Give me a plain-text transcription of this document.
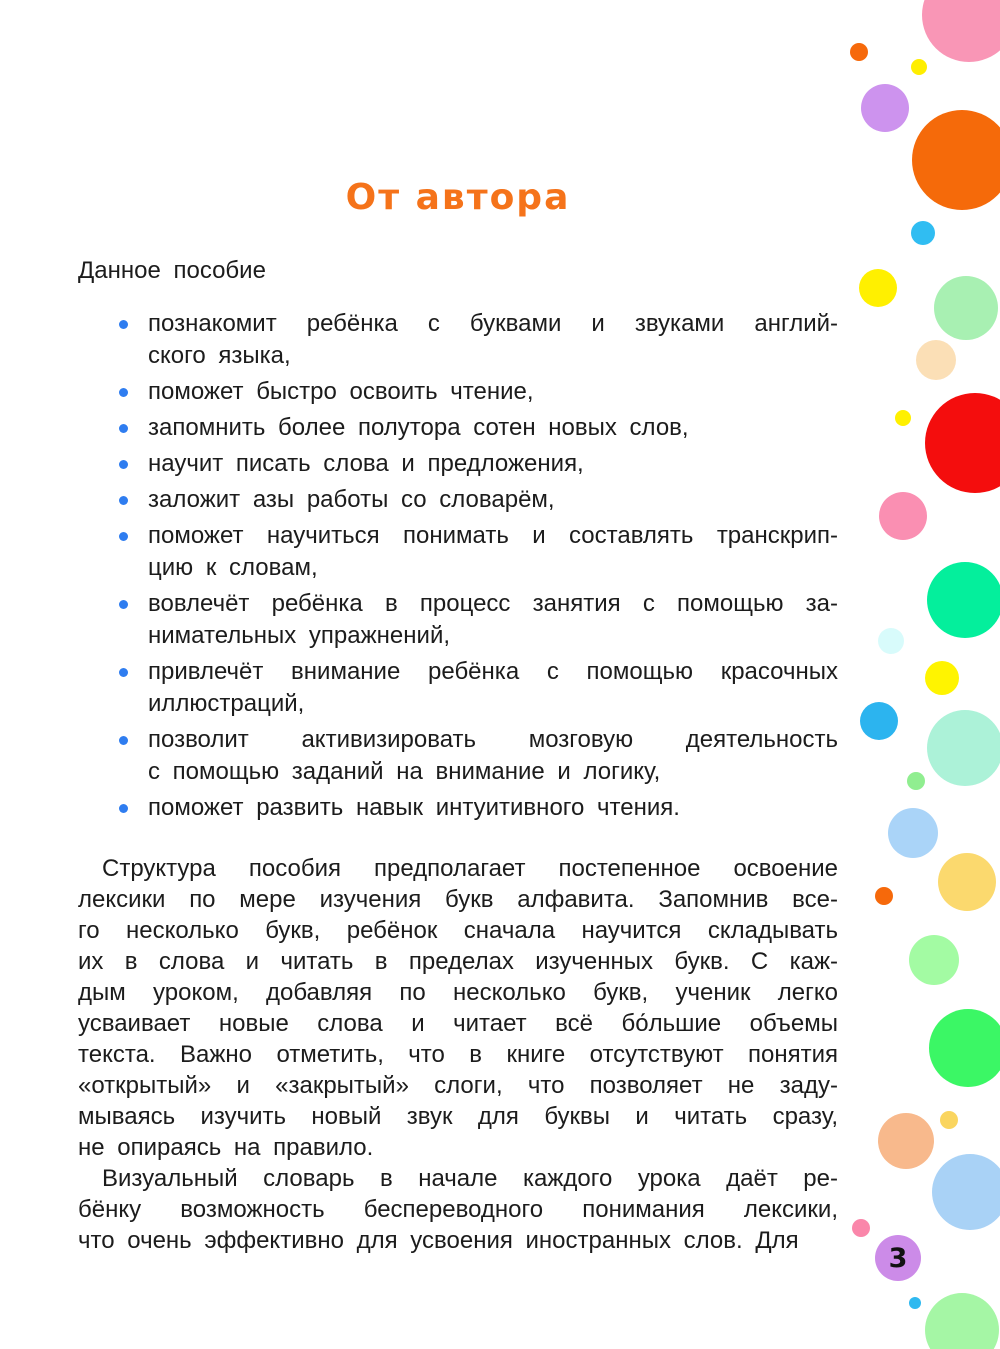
От автора
Данное пособие
познакомит ребёнка с буквами и звуками англий-
ского языка,
поможет быстро освоить чтение,
запомнить более полутора сотен новых слов,
научит писать слова и предложения,
заложит азы работы со словарём,
поможет научиться понимать и составлять транскрип-
цию к словам,
вовлечёт ребёнка в процесс занятия с помощью за-
нимательных упражнений,
привлечёт внимание ребёнка с помощью красочных
иллюстраций,
позволит активизировать мозговую деятельность
с помощью заданий на внимание и логику,
поможет развить навык интуитивного чтения.
Структура пособия предполагает постепенное освоение
лексики по мере изучения букв алфавита. Запомнив все-
го несколько букв, ребёнок сначала научится складывать
их в слова и читать в пределах изученных букв. С каж-
дым уроком, добавляя по несколько букв, ученик легко
усваивает новые слова и читает всё бо́льшие объемы
текста. Важно отметить, что в книге отсутствуют понятия
«открытый» и «закрытый» слоги, что позволяет не заду-
мываясь изучить новый звук для буквы и читать сразу,
не опираясь на правило.
Визуальный словарь в начале каждого урока даёт ре-
бёнку возможность беспереводного понимания лексики,
что очень эффективно для усвоения иностранных слов. Для
3
